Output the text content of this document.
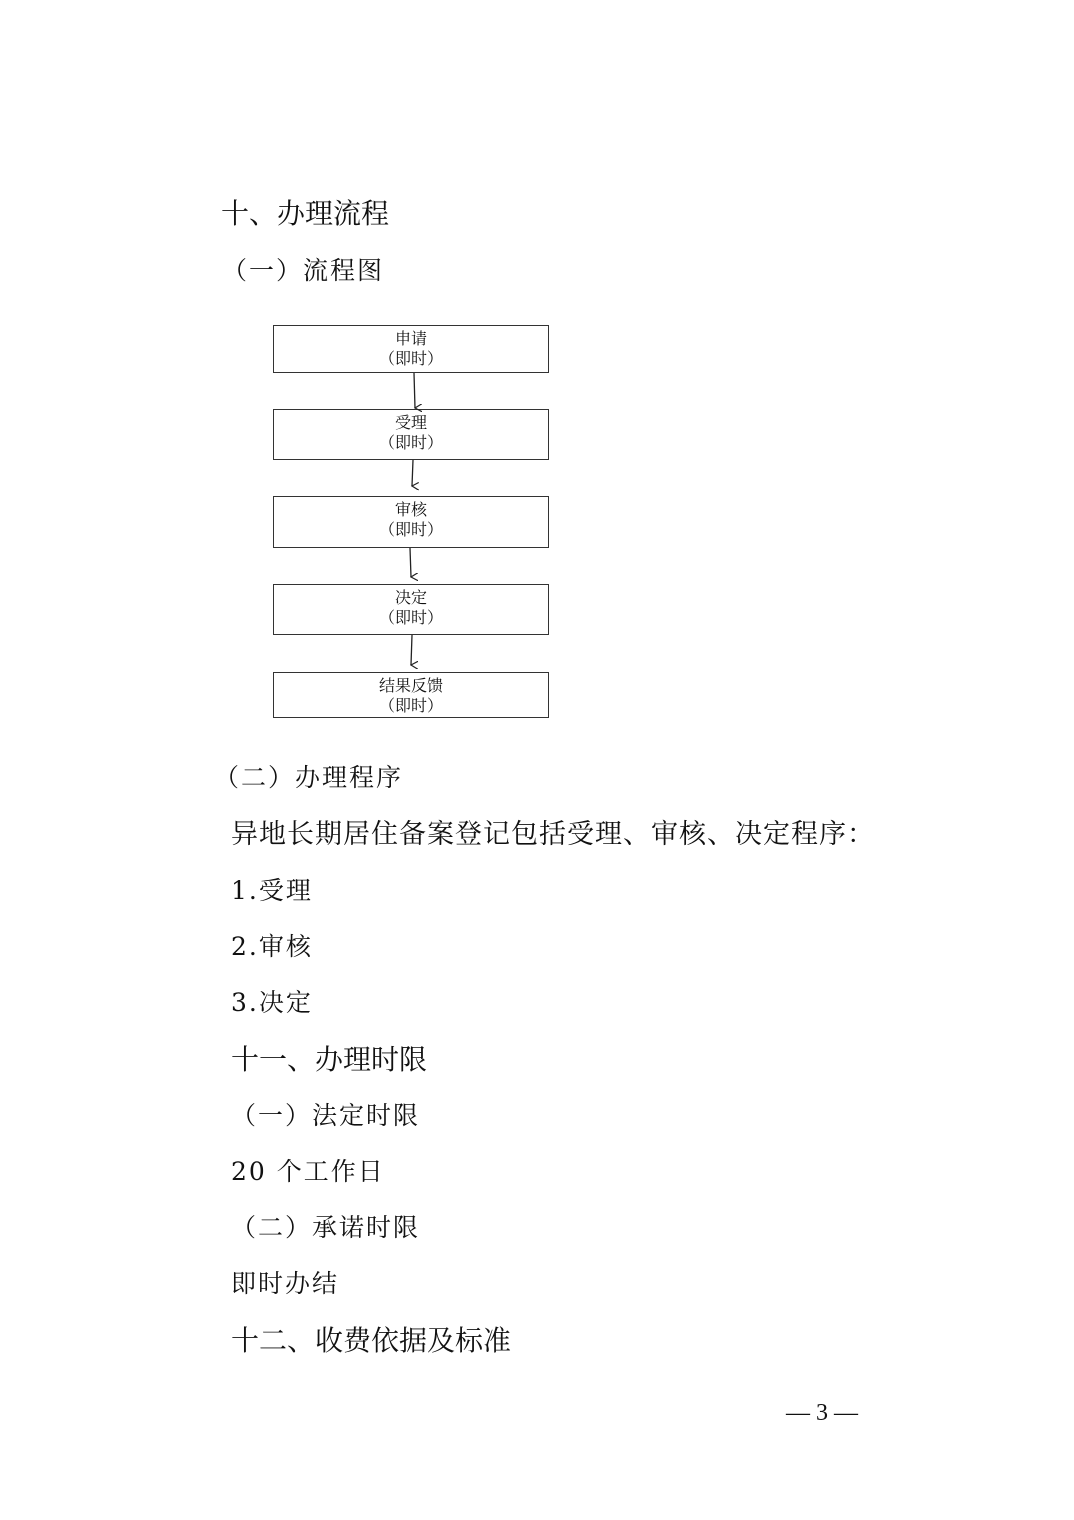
十、办理流程
（一）流程图
申请
（即时）
受理
（即时）
审核
（即时）
决定
（即时）
结果反馈
（即时）
（二）办理程序
异地长期居住备案登记包括受理、审核、决定程序：
1.受理
2.审核
3.决定
十一、办理时限
（一）法定时限
20 个工作日
（二）承诺时限
即时办结
十二、收费依据及标准
— 3 —
